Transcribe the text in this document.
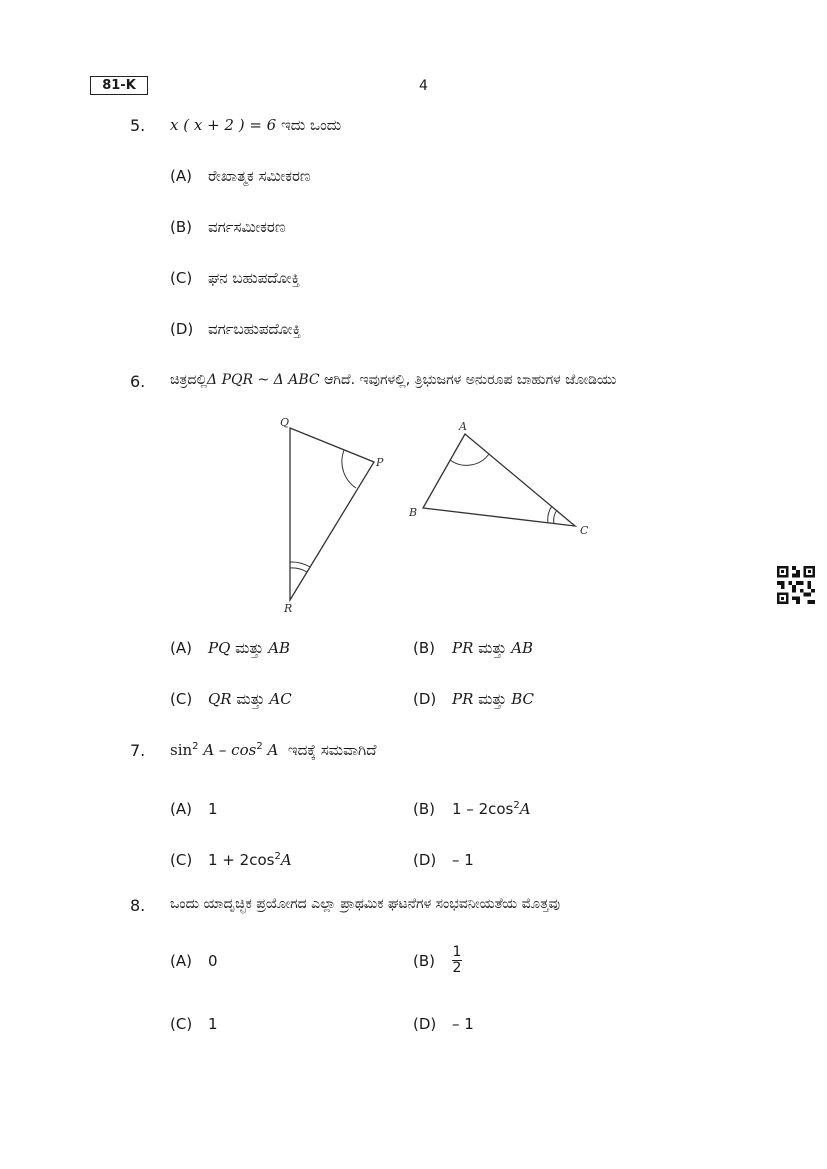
81-K	4
5. x ( x + 2 ) = 6 ಇದು ಒಂದು
(A) ರೇಖಾತ್ಮಕ ಸಮೀಕರಣ
(B) ವರ್ಗಸಮೀಕರಣ
(C) ಘನ ಬಹುಪದೋಕ್ತಿ
(D) ವರ್ಗಬಹುಪದೋಕ್ತಿ
6. ಚಿತ್ರದಲ್ಲಿΔ PQR ~ Δ ABC ಆಗಿದೆ. ಇವುಗಳಲ್ಲಿ, ತ್ರಿಭುಜಗಳ ಅನುರೂಪ ಬಾಹುಗಳ ಜೋಡಿಯು
Q
P
R
A
B
C
(A) PQ ಮತ್ತು AB	(B) PR ಮತ್ತು AB
(C) QR ಮತ್ತು AC	(D) PR ಮತ್ತು BC
7. $\sin^2 A - \cos^2 A$ ಇದಕ್ಕೆ ಸಮವಾಗಿದೆ
(A) 1	(B) $1 - 2\cos^2A$
(C) $1 + 2\cos^2A$	(D) – 1
8. ಒಂದು ಯಾದೃಚ್ಛಿಕ ಪ್ರಯೋಗದ ಎಲ್ಲಾ ಪ್ರಾಥಮಿಕ ಘಟನೆಗಳ ಸಂಭವನೀಯತೆಯ ಮೊತ್ತವು
(A) 0	$(B) \frac{1}{2}$
(C) 1	(D) – 1
